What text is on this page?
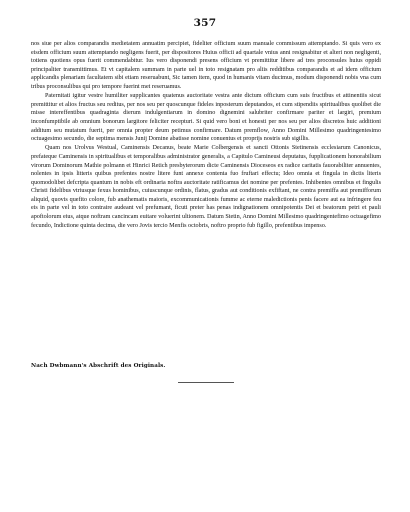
357

nos siue per alios comparandis medietatem annuatim percipiet, fideliter officium suum manuale commissum attemptando. Si quis vero ex eisdem officium suum attemptando negligens fuerit, per dispositores Huius officii ad quartale vnius anni resignabitur et alteri non negligenti, totiens quotiens opus fuerit commendabitur. Ius vero disponendi presens officium vt premittitur libere ad tres proconsules huius oppidi principaliter transmittimus. Et vt capitalem summam in parte uel in toto resignatam pro aliis redditibus comparandis et ad idem officium applicandis plenariam facultatem sibi etiam reseruabunt, Sic tamen item, quod in humanis vitam ducimus, modum disponendi nobis vna cum tribus proconsulibus qui pro tempore fuerint met reseruamus.

Paternitati igitur vestre humiliter supplicantes quatenus auctoritate vestra ante dictum officium cum suis fructibus et attinentiis sicut premittitur et alios fructus seu reditus, per nos seu per quoscunque fideles inposterum deputandos, et cum stipendiis spiritualibus quolibet die misse intereffentibus quadraginta dierum indulgentiarum in domino dignemini salubriter confirmare pariter et largiri, premium inconfumptibile ab omnium bonorum largitore feliciter recepturi. Si quid vero boni et honesti per nos seu per alios discretos huic additioni additum seu mutatum fuerit, per omnia propter deum petimus confirmare. Datum premflow, Anno Domini Millesimo quadringentesimo octuagesimo secundo, die septima mensis Junij Domine abatisse nomine conuentus et proprijs nostris sub sigillis.

Quam nos Urolvus Westual, Caminensis Decanus, beate Marie Colbergensis et sancti Ottonis Stetinensis ecclesiarum Canonicus, prefateque Caminensis in spiritualibus et temporalibus administrator generalis, a Capitulo Camineusi deputatus, fupplicationem honorabilium virorum Dominorum Mathie polmann et Hinrici Retich presbyterorum dicte Caminensis Dioceseos ex radice caritatis fauorabiliter annuentes, nolentes in ipsis litteris quibus prefentes nostre litere funt annexe contenta fuo fruftari effectu; Ideo omnia et fingula in dictis literis quomodolibet defcripta quantum in nobis eft ordinaria noftra auctoritate ratificamus dei nomine per prefentes. Inhibentes omnibus et fingulis Christi fidelibus vtriusque fexus hominibus, cuiuscunque ordinis, flatus, gradus aut conditionis exfiftant, ne contra premiffa aut premifforum aliquid, quovis quefito colore, fub anathematis maioris, excommunicationis fumme ac eterne maledictionis penis facere aut ea infringere feu eis in parte vel in toto contraire audeant vel prefumant, ficuti preter has penas indignationem omnipotentis Dei et beatorum petri et pauli apoftolorum eius, atque noftram cancincam euitare voluerint ultionem. Datum Stetin, Anno Domini Millesimo quadringentefimo octuagefimo fecundo, Indictione quinta decima, die vero Jovis tercio Menfis octobris, noftro proprio fub figillo, prefentibus impenso.

Nach Dwbmann's Abschrift des Originals.
